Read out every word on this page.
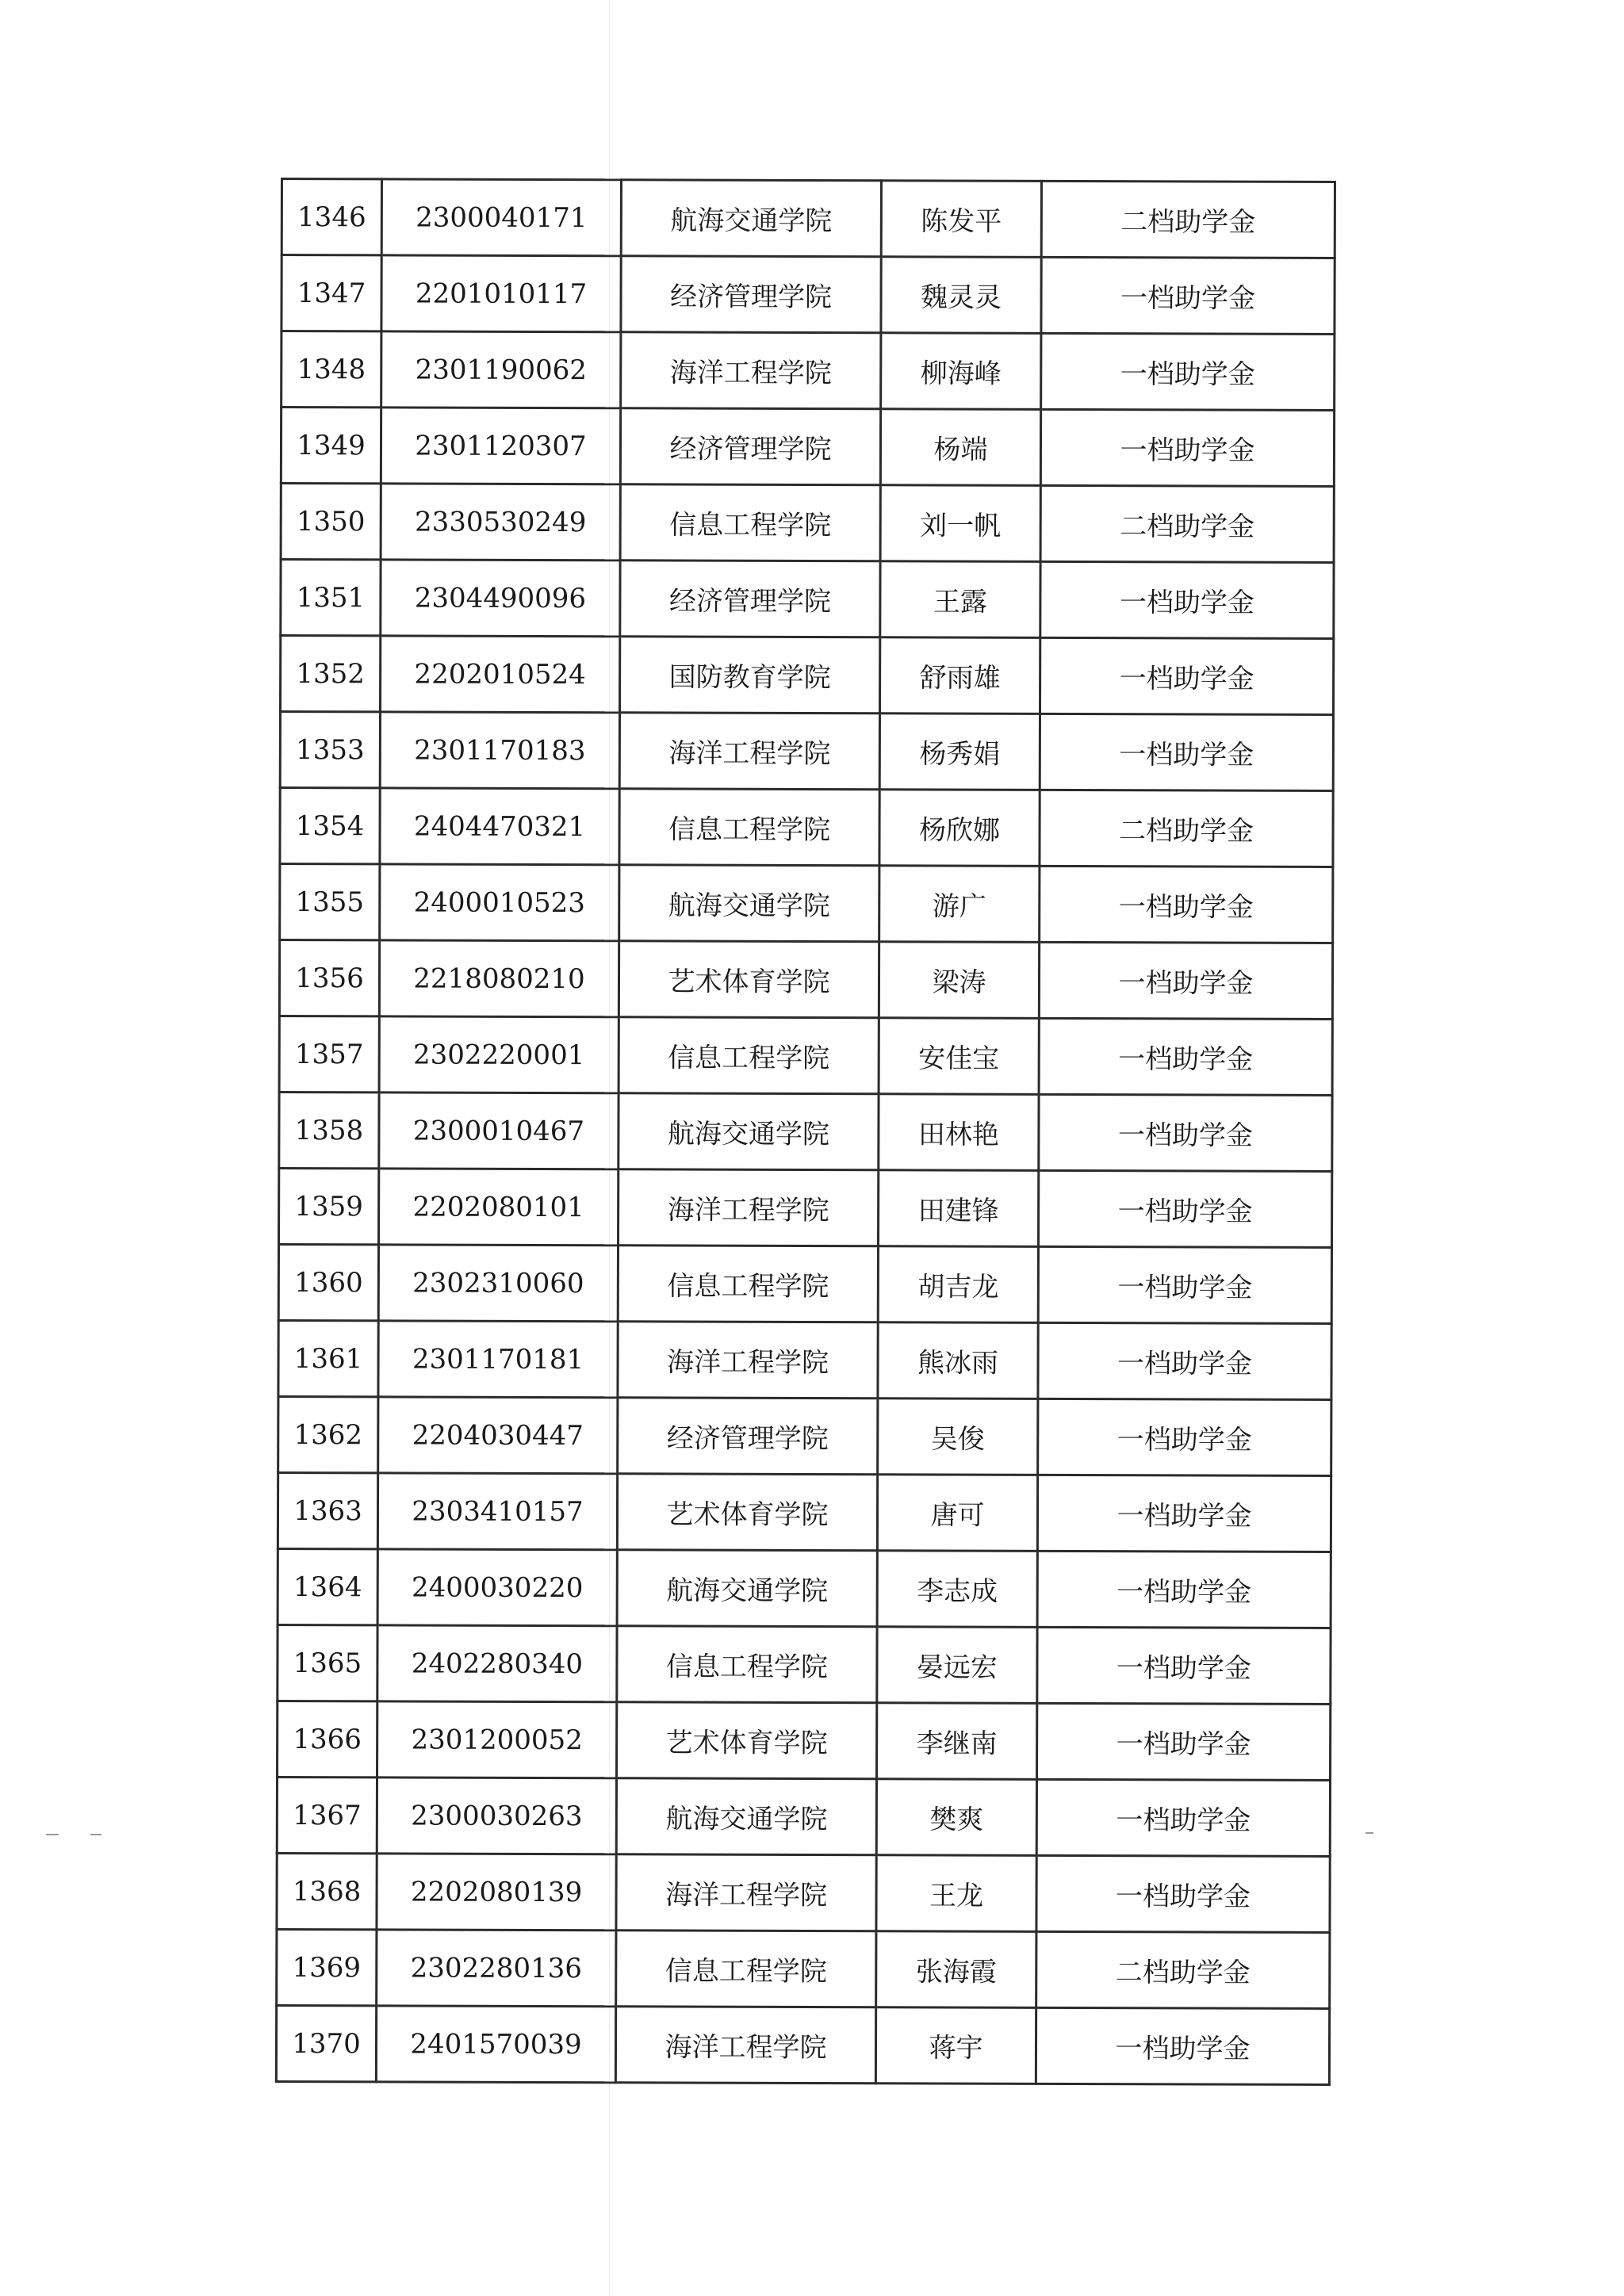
1346	2300040171	航海交通学院	陈发平	二档助学金
1347	2201010117	经济管理学院	魏灵灵	一档助学金
1348	2301190062	海洋工程学院	柳海峰	一档助学金
1349	2301120307	经济管理学院	杨端	一档助学金
1350	2330530249	信息工程学院	刘一帆	二档助学金
1351	2304490096	经济管理学院	王露	一档助学金
1352	2202010524	国防教育学院	舒雨雄	一档助学金
1353	2301170183	海洋工程学院	杨秀娟	一档助学金
1354	2404470321	信息工程学院	杨欣娜	二档助学金
1355	2400010523	航海交通学院	游广	一档助学金
1356	2218080210	艺术体育学院	梁涛	一档助学金
1357	2302220001	信息工程学院	安佳宝	一档助学金
1358	2300010467	航海交通学院	田林艳	一档助学金
1359	2202080101	海洋工程学院	田建锋	一档助学金
1360	2302310060	信息工程学院	胡吉龙	一档助学金
1361	2301170181	海洋工程学院	熊冰雨	一档助学金
1362	2204030447	经济管理学院	吴俊	一档助学金
1363	2303410157	艺术体育学院	唐可	一档助学金
1364	2400030220	航海交通学院	李志成	一档助学金
1365	2402280340	信息工程学院	晏远宏	一档助学金
1366	2301200052	艺术体育学院	李继南	一档助学金
1367	2300030263	航海交通学院	樊爽	一档助学金
1368	2202080139	海洋工程学院	王龙	一档助学金
1369	2302280136	信息工程学院	张海霞	二档助学金
1370	2401570039	海洋工程学院	蒋宇	一档助学金
